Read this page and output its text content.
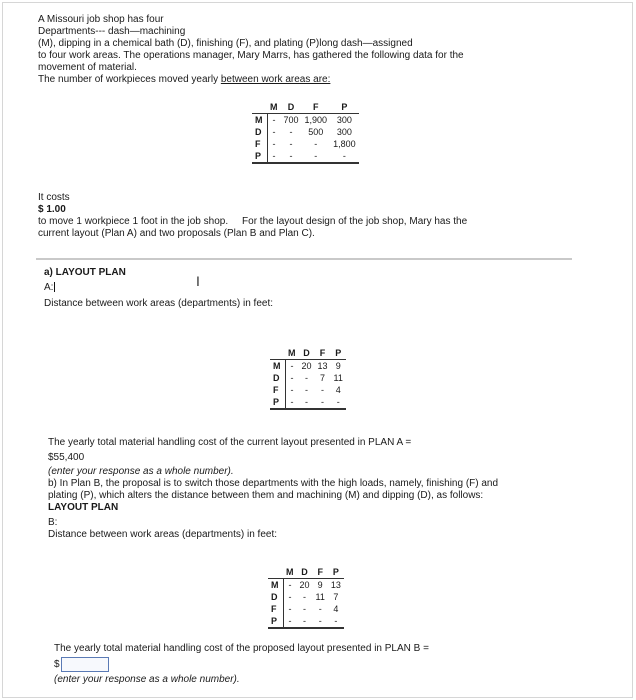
A Missouri job shop has four
Departments--- dash—machining
(M), dipping in a chemical bath (D), finishing (F), and plating (P)long dash—assigned
to four work areas. The operations manager, Mary Marrs, has gathered the following data for the
movement of material.
The number of workpieces moved yearly between work areas are:
	M	D	F	P
M	-	700	1,900	300
D	-	-	500	300
F	-	-	-	1,800
P	-	-	-	-
It costs
$ 1.00
to move 1 workpiece 1 foot in the job shop. For the layout design of the job shop, Mary has the
current layout (Plan A) and two proposals (Plan B and Plan C).
a) LAYOUT PLAN
A:
Distance between work areas (departments) in feet:
I
	M	D	F	P
M	-	20	13	9
D	-	-	7	11
F	-	-	-	4
P	-	-	-	-
The yearly total material handling cost of the current layout presented in PLAN A =
$55,400
(enter your response as a whole number).
b) In Plan B, the proposal is to switch those departments with the high loads, namely, finishing (F) and
plating (P), which alters the distance between them and machining (M) and dipping (D), as follows:
LAYOUT PLAN
B:
Distance between work areas (departments) in feet:
	M	D	F	P
M	-	20	9	13
D	-	-	11	7
F	-	-	-	4
P	-	-	-	-
The yearly total material handling cost of the proposed layout presented in PLAN B =
$
(enter your response as a whole number).
